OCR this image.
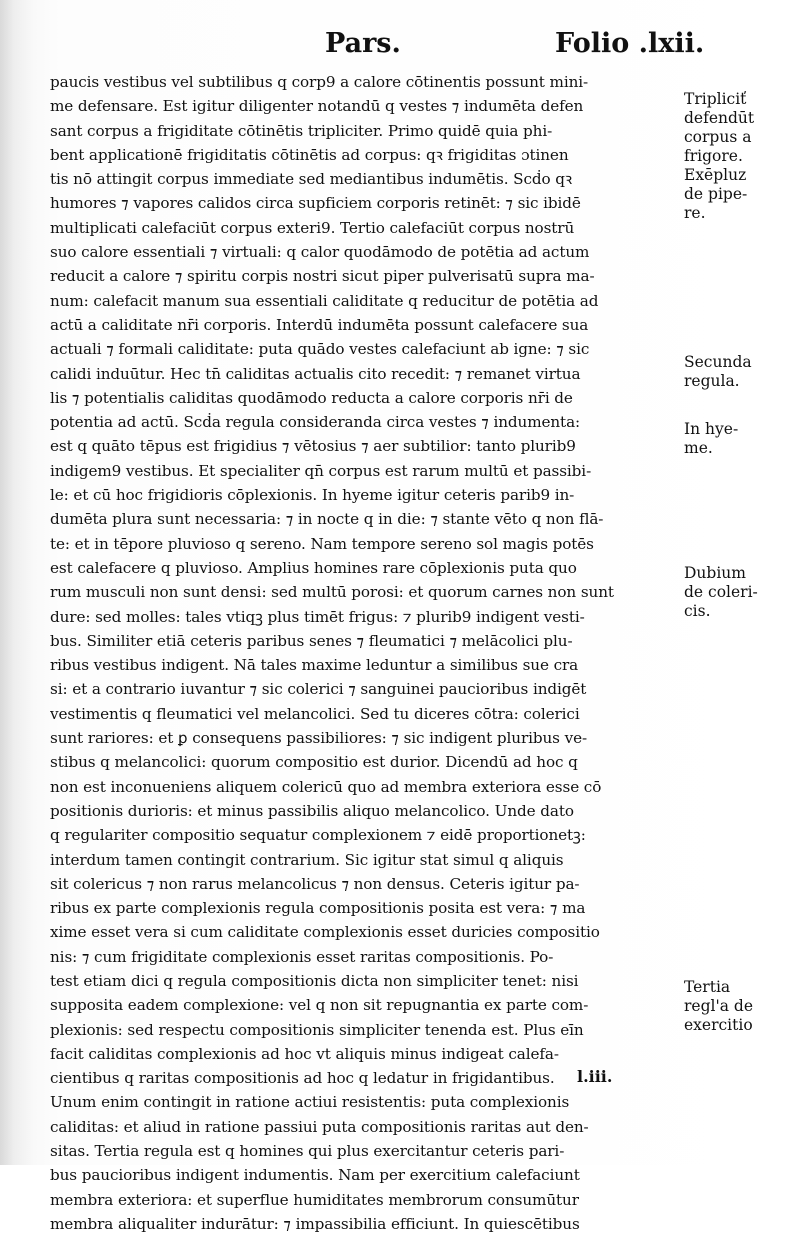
Pars.	Folio .lxii.
paucis vestibus vel subtilibus q corp9 a calore cōtinentis possunt mini-
me defensare. Est igitur diligenter notandū q vestes ⁊ indumēta defen
sant corpus a frigiditate cōtinētis tripliciter. Primo quidē quia phi-
bent applicationē frigiditatis cōtinētis ad corpus: qꝛ frigiditas ɔtinen
tis nō attingit corpus immediate sed mediantibus indumētis. Scḋo qꝛ
humores ⁊ vapores calidos circa supficiem corporis retinēt: ⁊ sic ibidē
multiplicati calefaciūt corpus exteri9. Tertio calefaciūt corpus nostrū
suo calore essentiali ⁊ virtuali: q calor quodāmodo de potētia ad actum
reducit a calore ⁊ spiritu corpis nostri sicut piper pulverisatū supra ma-
num: calefacit manum sua essentiali caliditate q reducitur de potētia ad
actū a caliditate nr̄i corporis. Interdū indumēta possunt calefacere sua
actuali ⁊ formali caliditate: puta quādo vestes calefaciunt ab igne: ⁊ sic
calidi induūtur. Hec tn̄ caliditas actualis cito recedit: ⁊ remanet virtua
lis ⁊ potentialis caliditas quodāmodo reducta a calore corporis nr̄i de
potentia ad actū. Scḋa regula consideranda circa vestes ⁊ indumenta:
est q quāto tēpus est frigidius ⁊ vētosius ⁊ aer subtilior: tanto plurib9
indigem9 vestibus. Et specialiter qn̄ corpus est rarum multū et passibi-
le: et cū hoc frigidioris cōplexionis. In hyeme igitur ceteris parib9 in-
dumēta plura sunt necessaria: ⁊ in nocte q in die: ⁊ stante vēto q non flā-
te: et in tēpore pluvioso q sereno. Nam tempore sereno sol magis potēs
est calefacere q pluvioso. Amplius homines rare cōplexionis puta quo
rum musculi non sunt densi: sed multū porosi: et quorum carnes non sunt
dure: sed molles: tales vtiqꝫ plus timēt frigus: ⁊ plurib9 indigent vesti-
bus. Similiter etiā ceteris paribus senes ⁊ fleumatici ⁊ melācolici plu-
ribus vestibus indigent. Nā tales maxime leduntur a similibus sue cra
si: et a contrario iuvantur ⁊ sic colerici ⁊ sanguinei paucioribus indigēt
vestimentis q fleumatici vel melancolici. Sed tu diceres cōtra: colerici
sunt rariores: et ꝑ consequens passibiliores: ⁊ sic indigent pluribus ve-
stibus q melancolici: quorum compositio est durior. Dicendū ad hoc q
non est inconueniens aliquem colericū quo ad membra exteriora esse cō
positionis durioris: et minus passibilis aliquo melancolico. Unde dato
q regulariter compositio sequatur complexionem ⁊ eidē proportionetꝫ:
interdum tamen contingit contrarium. Sic igitur stat simul q aliquis
sit colericus ⁊ non rarus melancolicus ⁊ non densus. Ceteris igitur pa-
ribus ex parte complexionis regula compositionis posita est vera: ⁊ ma
xime esset vera si cum caliditate complexionis esset duricies compositio
nis: ⁊ cum frigiditate complexionis esset raritas compositionis. Po-
test etiam dici q regula compositionis dicta non simpliciter tenet: nisi
supposita eadem complexione: vel q non sit repugnantia ex parte com-
plexionis: sed respectu compositionis simpliciter tenenda est. Plus eīn
facit caliditas complexionis ad hoc vt aliquis minus indigeat calefa-
cientibus q raritas compositionis ad hoc q ledatur in frigidantibus.
Unum enim contingit in ratione actiui resistentis: puta complexionis
caliditas: et aliud in ratione passiui puta compositionis raritas aut den-
sitas. Tertia regula est q homines qui plus exercitantur ceteris pari-
bus paucioribus indigent indumentis. Nam per exercitium calefaciunt
membra exteriora: et superflue humiditates membrorum consumūtur
membra aliqualiter indurātur: ⁊ impassibilia efficiunt. In quiescētibus
Tripliciť
defendūt
corpus a
frigore.
Exēpluz
de pipe-
re.
Secunda
regula.
In hye-
me.
Dubium
de coleri-
cis.
Tertia
regl'a de
exercitio
l.iii.
